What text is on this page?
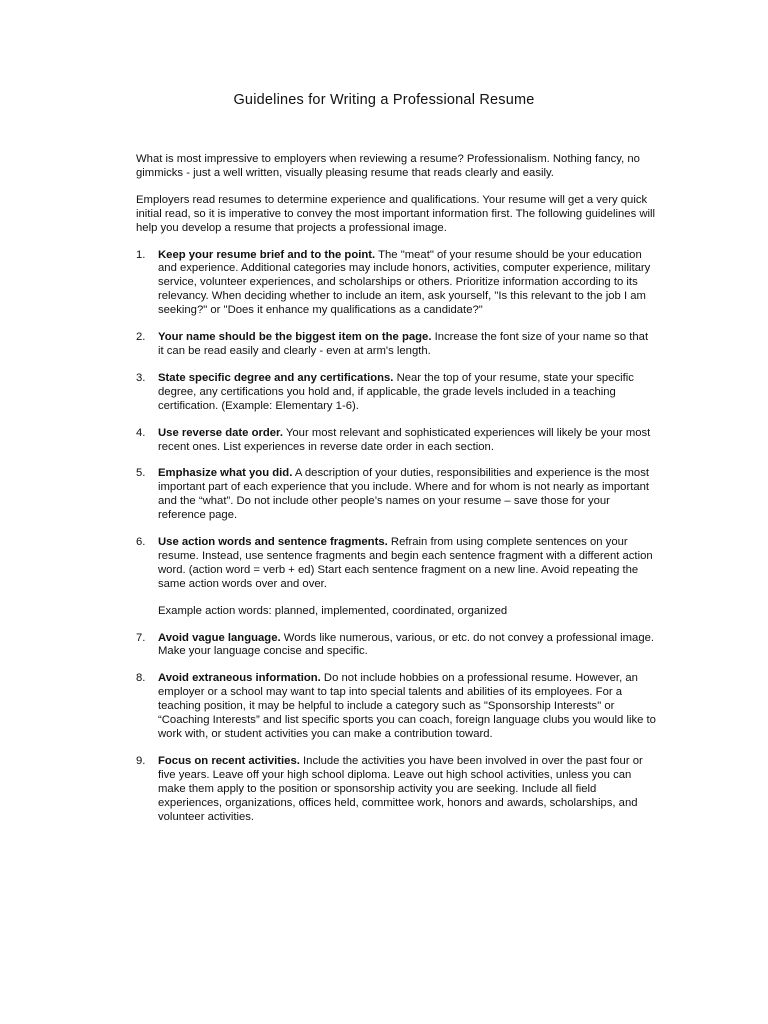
Guidelines for Writing a Professional Resume

What is most impressive to employers when reviewing a resume? Professionalism. Nothing fancy, no gimmicks - just a well written, visually pleasing resume that reads clearly and easily.

Employers read resumes to determine experience and qualifications. Your resume will get a very quick initial read, so it is imperative to convey the most important information first. The following guidelines will help you develop a resume that projects a professional image.

1. Keep your resume brief and to the point. The "meat" of your resume should be your education and experience. Additional categories may include honors, activities, computer experience, military service, volunteer experiences, and scholarships or others. Prioritize information according to its relevancy. When deciding whether to include an item, ask yourself, "Is this relevant to the job I am seeking?" or "Does it enhance my qualifications as a candidate?"
2. Your name should be the biggest item on the page. Increase the font size of your name so that it can be read easily and clearly - even at arm's length.
3. State specific degree and any certifications. Near the top of your resume, state your specific degree, any certifications you hold and, if applicable, the grade levels included in a teaching certification. (Example: Elementary 1-6).
4. Use reverse date order. Your most relevant and sophisticated experiences will likely be your most recent ones. List experiences in reverse date order in each section.
5. Emphasize what you did. A description of your duties, responsibilities and experience is the most important part of each experience that you include. Where and for whom is not nearly as important and the “what”. Do not include other people’s names on your resume – save those for your reference page.
6. Use action words and sentence fragments. Refrain from using complete sentences on your resume. Instead, use sentence fragments and begin each sentence fragment with a different action word. (action word = verb + ed) Start each sentence fragment on a new line. Avoid repeating the same action words over and over.

Example action words: planned, implemented, coordinated, organized

7. Avoid vague language. Words like numerous, various, or etc. do not convey a professional image. Make your language concise and specific.
8. Avoid extraneous information. Do not include hobbies on a professional resume. However, an employer or a school may want to tap into special talents and abilities of its employees. For a teaching position, it may be helpful to include a category such as "Sponsorship Interests" or “Coaching Interests” and list specific sports you can coach, foreign language clubs you would like to work with, or student activities you can make a contribution toward.
9. Focus on recent activities. Include the activities you have been involved in over the past four or five years. Leave off your high school diploma. Leave out high school activities, unless you can make them apply to the position or sponsorship activity you are seeking. Include all field experiences, organizations, offices held, committee work, honors and awards, scholarships, and volunteer activities.
